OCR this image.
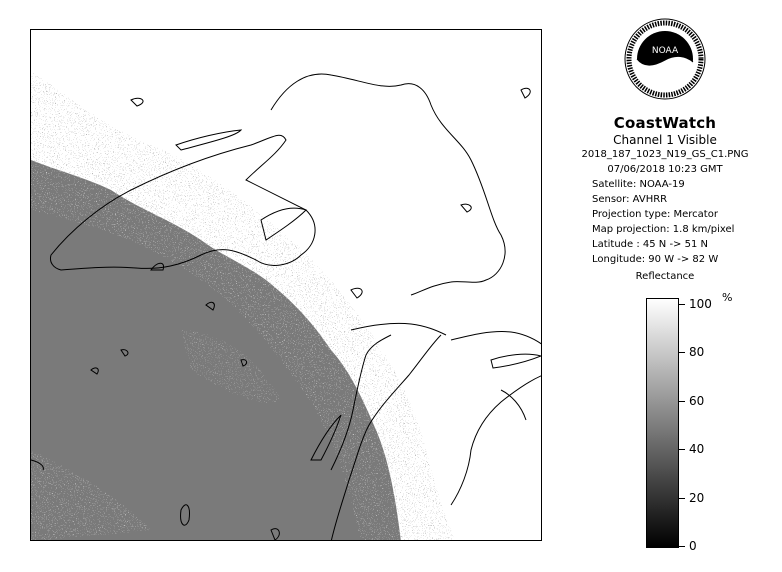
NOAA
CoastWatch
Channel 1 Visible
2018_187_1023_N19_GS_C1.PNG
07/06/2018 10:23 GMT
Satellite: NOAA-19
Sensor: AVHRR
Projection type: Mercator
Map projection: 1.8 km/pixel
Latitude : 45 N -> 51 N
Longitude: 90 W -> 82 W
Reflectance
%
100
80
60
40
20
0
